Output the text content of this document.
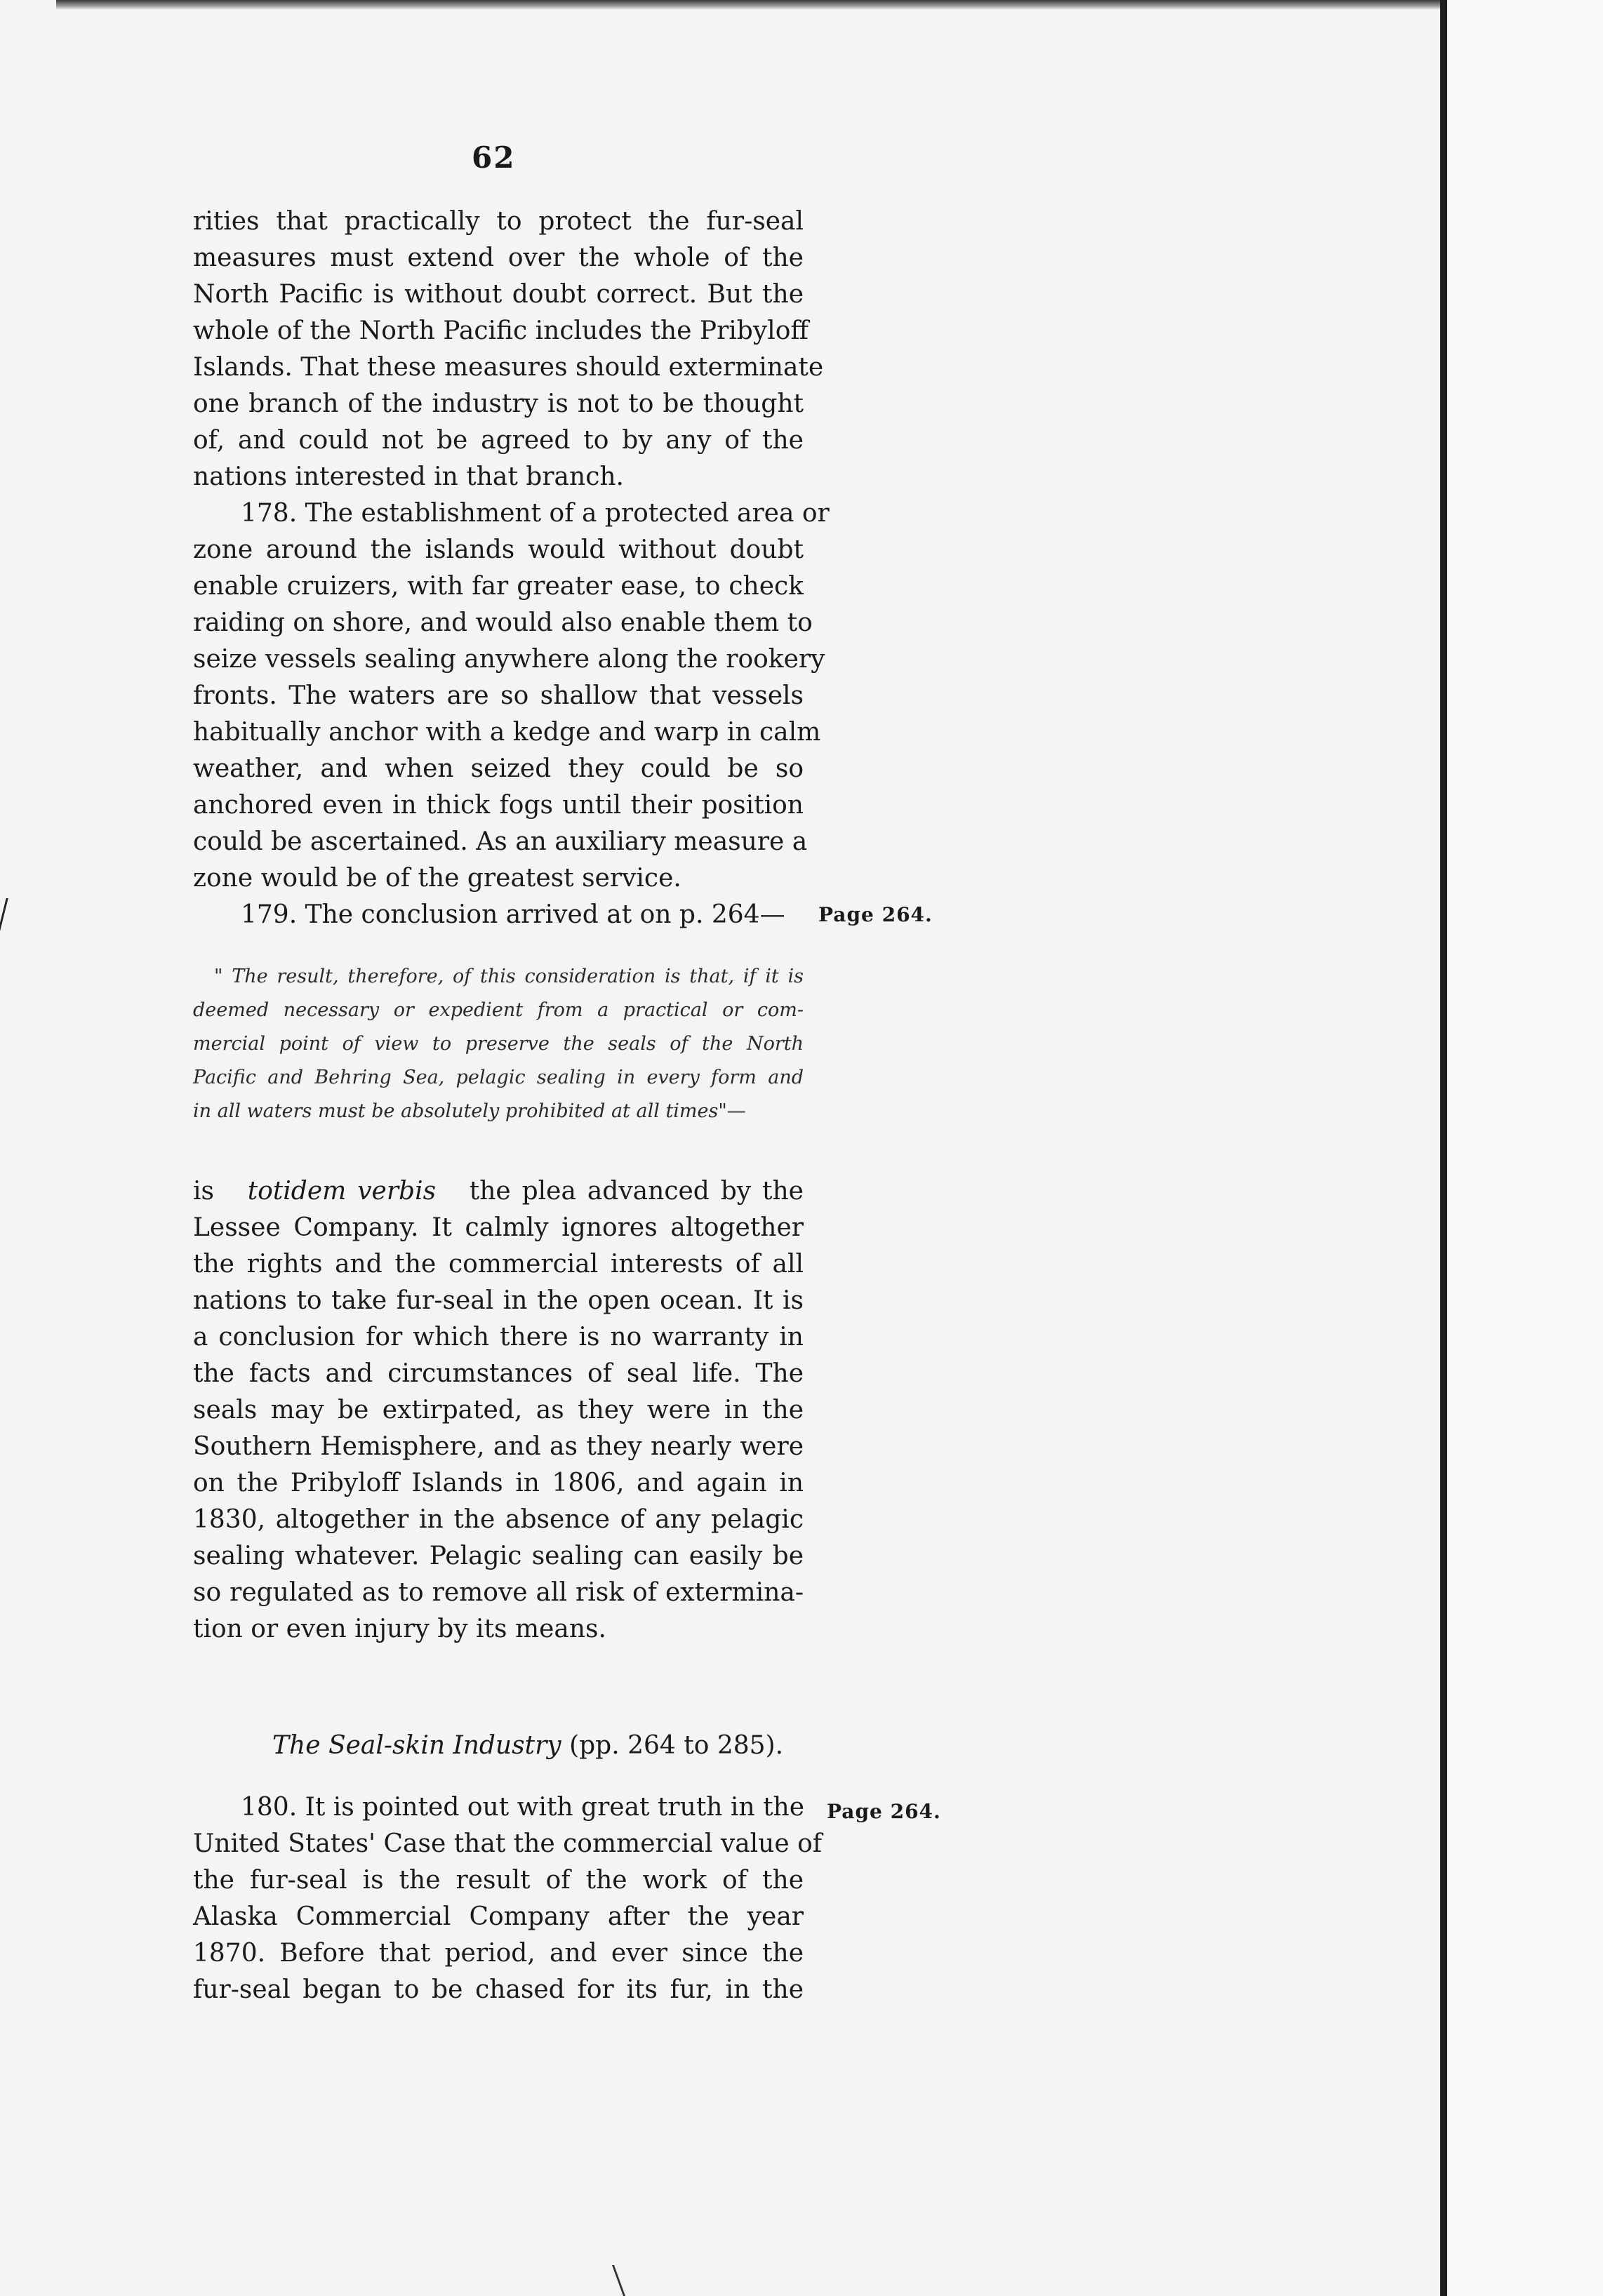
62
rities that practically to protect the fur-seal
measures must extend over the whole of the
North Pacific is without doubt correct. But the
whole of the North Pacific includes the Pribyloff
Islands. That these measures should exterminate
one branch of the industry is not to be thought
of, and could not be agreed to by any of the
nations interested in that branch.
178. The establishment of a protected area or
zone around the islands would without doubt
enable cruizers, with far greater ease, to check
raiding on shore, and would also enable them to
seize vessels sealing anywhere along the rookery
fronts. The waters are so shallow that vessels
habitually anchor with a kedge and warp in calm
weather, and when seized they could be so
anchored even in thick fogs until their position
could be ascertained. As an auxiliary measure a
zone would be of the greatest service.
179. The conclusion arrived at on p. 264—	Page 264.
" The result, therefore, of this consideration is that, if it is
deemed necessary or expedient from a practical or com-
mercial point of view to preserve the seals of the North
Pacific and Behring Sea, pelagic sealing in every form and
in all waters must be absolutely prohibited at all times"—
is totidem verbis the plea advanced by the
Lessee Company. It calmly ignores altogether
the rights and the commercial interests of all
nations to take fur-seal in the open ocean. It is
a conclusion for which there is no warranty in
the facts and circumstances of seal life. The
seals may be extirpated, as they were in the
Southern Hemisphere, and as they nearly were
on the Pribyloff Islands in 1806, and again in
1830, altogether in the absence of any pelagic
sealing whatever. Pelagic sealing can easily be
so regulated as to remove all risk of extermina-
tion or even injury by its means.
The Seal-skin Industry (pp. 264 to 285).
180. It is pointed out with great truth in the
United States' Case that the commercial value of
the fur-seal is the result of the work of the
Alaska Commercial Company after the year
1870. Before that period, and ever since the
fur-seal began to be chased for its fur, in the
Page 264.
